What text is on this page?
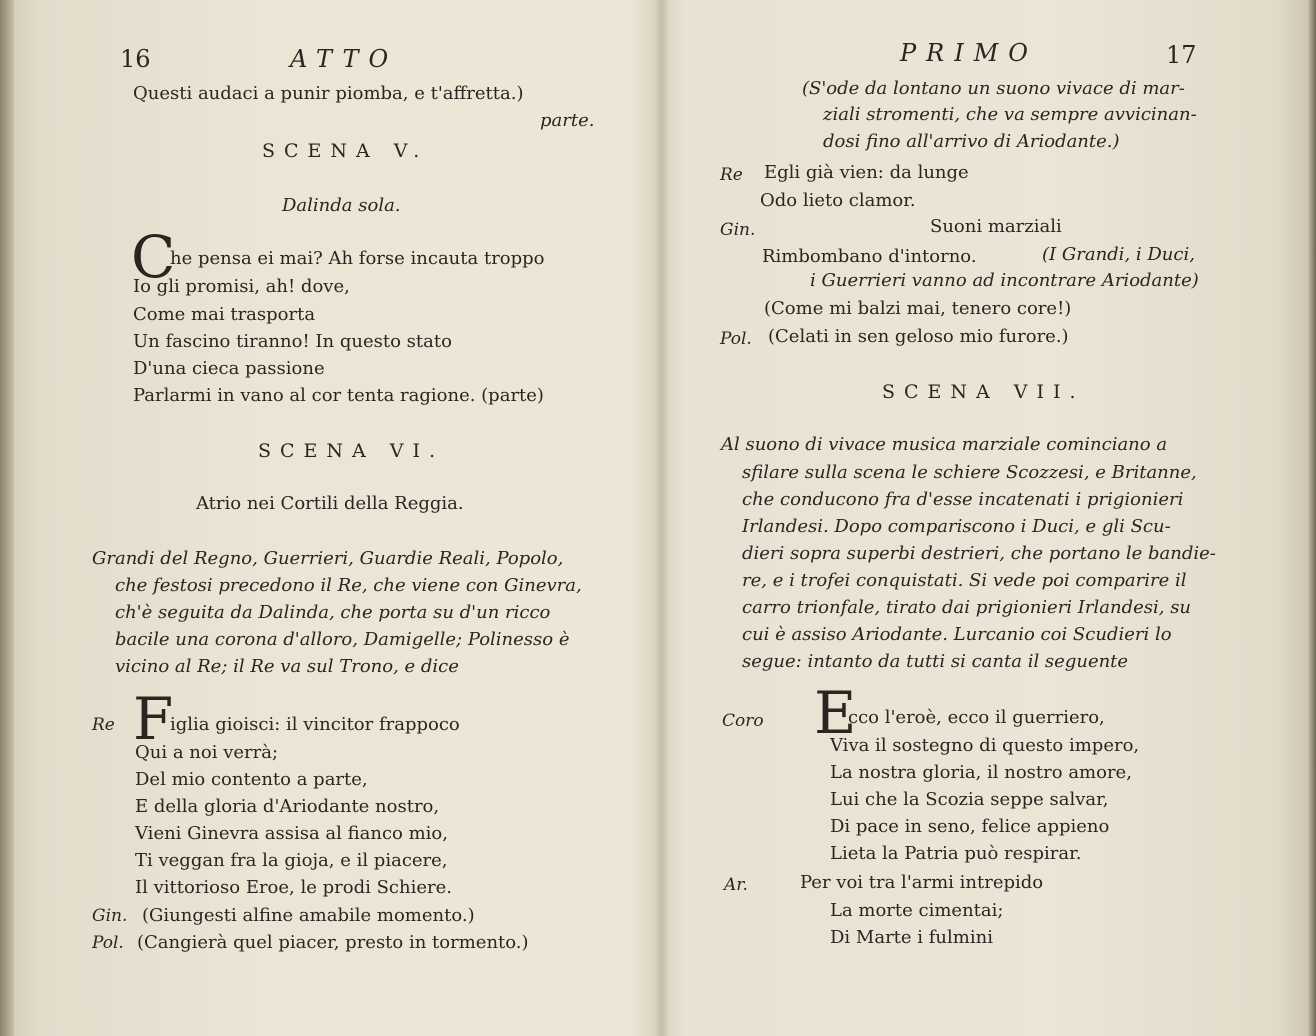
16	ATTO
Questi audaci a punir piomba, e t'affretta.)
parte.
SCENA V.
Dalinda sola.
C
he pensa ei mai? Ah forse incauta troppo
Io gli promisi, ah! dove,
Come mai trasporta
Un fascino tiranno! In questo stato
D'una cieca passione
Parlarmi in vano al cor tenta ragione. (parte)
SCENA VI.
Atrio nei Cortili della Reggia.
Grandi del Regno, Guerrieri, Guardie Reali, Popolo,
che festosi precedono il Re, che viene con Ginevra,
ch'è seguita da Dalinda, che porta su d'un ricco
bacile una corona d'alloro, Damigelle; Polinesso è
vicino al Re; il Re va sul Trono, e dice
Re F
iglia gioisci: il vincitor frappoco
Qui a noi verrà;
Del mio contento a parte,
E della gloria d'Ariodante nostro,
Vieni Ginevra assisa al fianco mio,
Ti veggan fra la gioja, e il piacere,
Il vittorioso Eroe, le prodi Schiere.
Gin. (Giungesti alfine amabile momento.)
Pol. (Cangierà quel piacer, presto in tormento.)
PRIMO	17
(S'ode da lontano un suono vivace di mar-
ziali stromenti, che va sempre avvicinan-
dosi fino all'arrivo di Ariodante.)
Re Egli già vien: da lunge
Odo lieto clamor.
Gin.	Suoni marziali
Rimbombano d'intorno.	(I Grandi, i Duci,
i Guerrieri vanno ad incontrare Ariodante)
(Come mi balzi mai, tenero core!)
Pol. (Celati in sen geloso mio furore.)
SCENA VII.
Al suono di vivace musica marziale cominciano a
sfilare sulla scena le schiere Scozzesi, e Britanne,
che conducono fra d'esse incatenati i prigionieri
Irlandesi. Dopo compariscono i Duci, e gli Scu-
dieri sopra superbi destrieri, che portano le bandie-
re, e i trofei conquistati. Si vede poi comparire il
carro trionfale, tirato dai prigionieri Irlandesi, su
cui è assiso Ariodante. Lurcanio coi Scudieri lo
segue: intanto da tutti si canta il seguente
Coro E
cco l'eroè, ecco il guerriero,
Viva il sostegno di questo impero,
La nostra gloria, il nostro amore,
Lui che la Scozia seppe salvar,
Di pace in seno, felice appieno
Lieta la Patria può respirar.
Ar.	Per voi tra l'armi intrepido
La morte cimentai;
Di Marte i fulmini
